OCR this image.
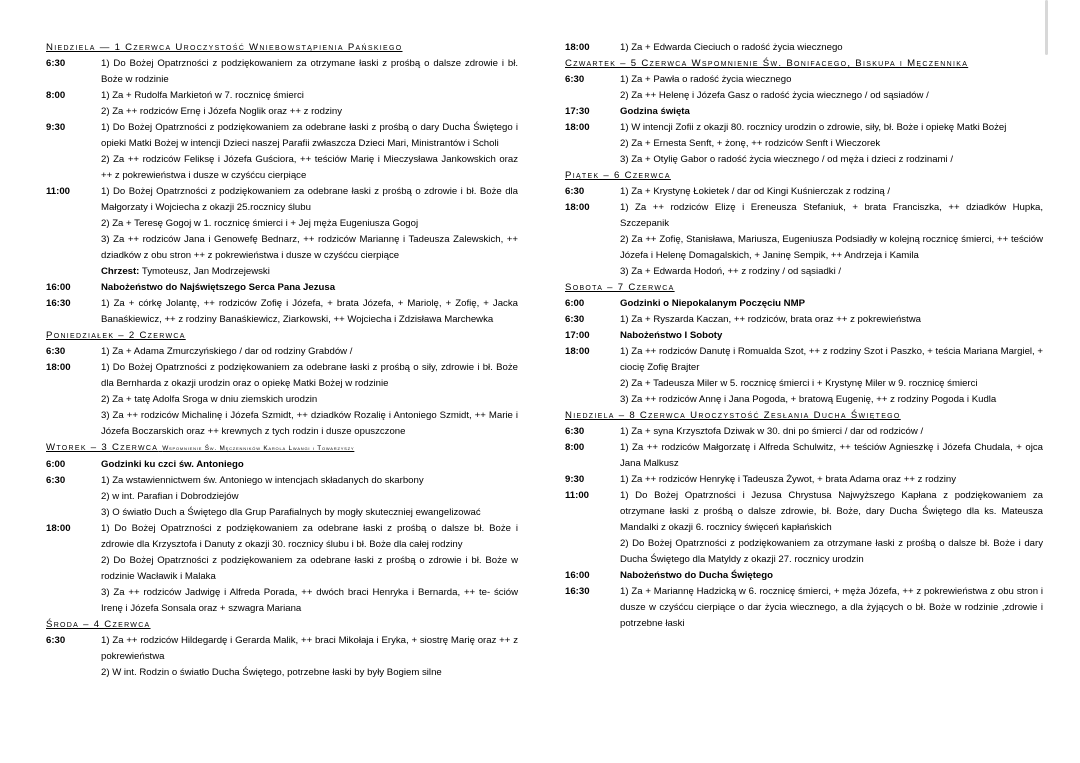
Niedziela — 1 Czerwca Uroczystość Wniebowstąpienia Pańskiego
6:30	1) Do Bożej Opatrzności z podziękowaniem za otrzymane łaski z prośbą o dalsze zdrowie i bł. Boże w rodzinie
8:00	1) Za + Rudolfa Markietoń w 7. rocznicę śmierci
2) Za ++ rodziców Ernę i Józefa Noglik oraz ++ z rodziny
9:30	1) Do Bożej Opatrzności z podziękowaniem za odebrane łaski z prośbą o dary Ducha Świętego i opieki Matki Bożej w intencji Dzieci naszej Parafii zwłaszcza Dzieci Mari, Ministrantów i Scholi
2) Za ++ rodziców Feliksę i Józefa Guściora, ++ teściów Marię i Mieczysława Jankowskich oraz ++ z pokrewieństwa i dusze w czyśćcu cierpiące
11:00	1) Do Bożej Opatrzności z podziękowaniem za odebrane łaski z prośbą o zdrowie i bł. Boże dla Małgorzaty i Wojciecha z okazji 25.rocznicy ślubu
2) Za + Teresę Gogoj w 1. rocznicę śmierci i + Jej męża Eugeniusza Gogoj
3) Za ++ rodziców Jana i Genowefę Bednarz, ++ rodziców Mariannę i Tadeusza Zalewskich, ++ dziadków z obu stron ++ z pokrewieństwa i dusze w czyśćcu cierpiące
Chrzest: Tymoteusz, Jan Modrzejewski
16:00	Nabożeństwo do Najświętszego Serca Pana Jezusa
16:30	1) Za + córkę Jolantę, ++ rodziców Zofię i Józefa, + brata Józefa, + Mariolę, + Zofię, + Jacka Banaśkiewicz, ++ z rodziny Banaśkiewicz, Ziarkowski, ++ Wojciecha i Zdzisława Marchewka
Poniedziałek – 2 Czerwca
6:30	1) Za + Adama Zmurczyńskiego / dar od rodziny Grabdów /
18:00	1) Do Bożej Opatrzności z podziękowaniem za odebrane łaski z prośbą o siły, zdrowie i bł. Boże dla Bernharda z okazji urodzin oraz o opiekę Matki Bożej w rodzinie
2) Za + tatę Adolfa Sroga w dniu ziemskich urodzin
3) Za ++ rodziców Michalinę i Józefa Szmidt, ++ dziadków Rozalię i Antoniego Szmidt, ++ Marie i Józefa Boczarskich oraz ++ krewnych z tych rodzin i dusze opuszczone
Wtorek – 3 Czerwca Wspomnienie Św. Męczenników Karola Lwangi i Towarzyszy
6:00	Godzinki ku czci św. Antoniego
6:30	1) Za wstawiennictwem św. Antoniego w intencjach składanych do skarbony
2) w int. Parafian i Dobrodziejów
3) O światło Duch a Świętego dla Grup Parafialnych by mogły skuteczniej ewangelizować
18:00	1) Do Bożej Opatrzności z podziękowaniem za odebrane łaski z prośbą o dalsze bł. Boże i zdrowie dla Krzysztofa i Danuty z okazji 30. rocznicy ślubu i bł. Boże dla całej rodziny
2) Do Bożej Opatrzności z podziękowaniem za odebrane łaski z prośbą o zdrowie i bł. Boże w rodzinie Wacławik i Malaka
3) Za ++ rodziców Jadwigę i Alfreda Porada, ++ dwóch braci Henryka i Bernarda, ++ te- ściów Irenę i Józefa Sonsala oraz + szwagra Mariana
Środa – 4 Czerwca
6:30	1) Za ++ rodziców Hildegardę i Gerarda Malik, ++ braci Mikołaja i Eryka, + siostrę Marię oraz ++ z pokrewieństwa
2) W int. Rodzin o światło Ducha Świętego, potrzebne łaski by były Bogiem silne
18:00	1) Za + Edwarda Cieciuch o radość życia wiecznego
Czwartek – 5 Czerwca Wspomnienie Św. Bonifacego, Biskupa i Męczennika
6:30	1) Za + Pawła o radość życia wiecznego
2) Za ++ Helenę i Józefa Gasz o radość życia wiecznego / od sąsiadów /
17:30	Godzina święta
18:00	1) W intencji Zofii z okazji 80. rocznicy urodzin o zdrowie, siły, bł. Boże i opiekę Matki Bożej
2) Za + Ernesta Senft, + żonę, ++ rodziców Senft i Wieczorek
3) Za + Otylię Gabor o radość życia wiecznego / od męża i dzieci z rodzinami /
Piątek – 6 Czerwca
6:30	1) Za + Krystynę Łokietek / dar od Kingi Kuśnierczak z rodziną /
18:00	1) Za ++ rodziców Elizę i Ereneusza Stefaniuk, + brata Franciszka, ++ dziadków Hupka, Szczepanik
2) Za ++ Zofię, Stanisława, Mariusza, Eugeniusza Podsiadły w kolejną rocznicę śmierci, ++ teściów Józefa i Helenę Domagalskich, + Janinę Sempik, ++ Andrzeja i Kamila
3) Za + Edwarda Hodoń, ++ z rodziny / od sąsiadki /
Sobota – 7 Czerwca
6:00	Godzinki o Niepokalanym Poczęciu NMP
6:30	1) Za + Ryszarda Kaczan, ++ rodziców, brata oraz ++ z pokrewieństwa
17:00	Nabożeństwo I Soboty
18:00	1) Za ++ rodziców Danutę i Romualda Szot, ++ z rodziny Szot i Paszko, + teścia Mariana Margiel, + ciocię Zofię Brajter
2) Za + Tadeusza Miler w 5. rocznicę śmierci i + Krystynę Miler w 9. rocznicę śmierci
3) Za ++ rodziców Annę i Jana Pogoda, + bratową Eugenię, ++ z rodziny Pogoda i Kudla
Niedziela – 8 Czerwca Uroczystość Zesłania Ducha Świętego
6:30	1) Za + syna Krzysztofa Dziwak w 30. dni po śmierci / dar od rodziców /
8:00	1) Za ++ rodziców Małgorzatę i Alfreda Schulwitz, ++ teściów Agnieszkę i Józefa Chudala, + ojca Jana Malkusz
9:30	1) Za ++ rodziców Henrykę i Tadeusza Żywot, + brata Adama oraz ++ z rodziny
11:00	1) Do Bożej Opatrzności i Jezusa Chrystusa Najwyższego Kapłana z podziękowaniem za otrzymane łaski z prośbą o dalsze zdrowie, bł. Boże, dary Ducha Świętego dla ks. Mateusza Mandalki z okazji 6. rocznicy święceń kapłańskich
2) Do Bożej Opatrzności z podziękowaniem za otrzymane łaski z prośbą o dalsze bł. Boże i dary Ducha Świętego dla Matyldy z okazji 27. rocznicy urodzin
16:00	Nabożeństwo do Ducha Świętego
16:30	1) Za + Mariannę Hadzicką w 6. rocznicę śmierci, + męża Józefa, ++ z pokrewieństwa z obu stron i dusze w czyśćcu cierpiące o dar życia wiecznego, a dla żyjących o bł. Boże w rodzinie ,zdrowie i potrzebne łaski
